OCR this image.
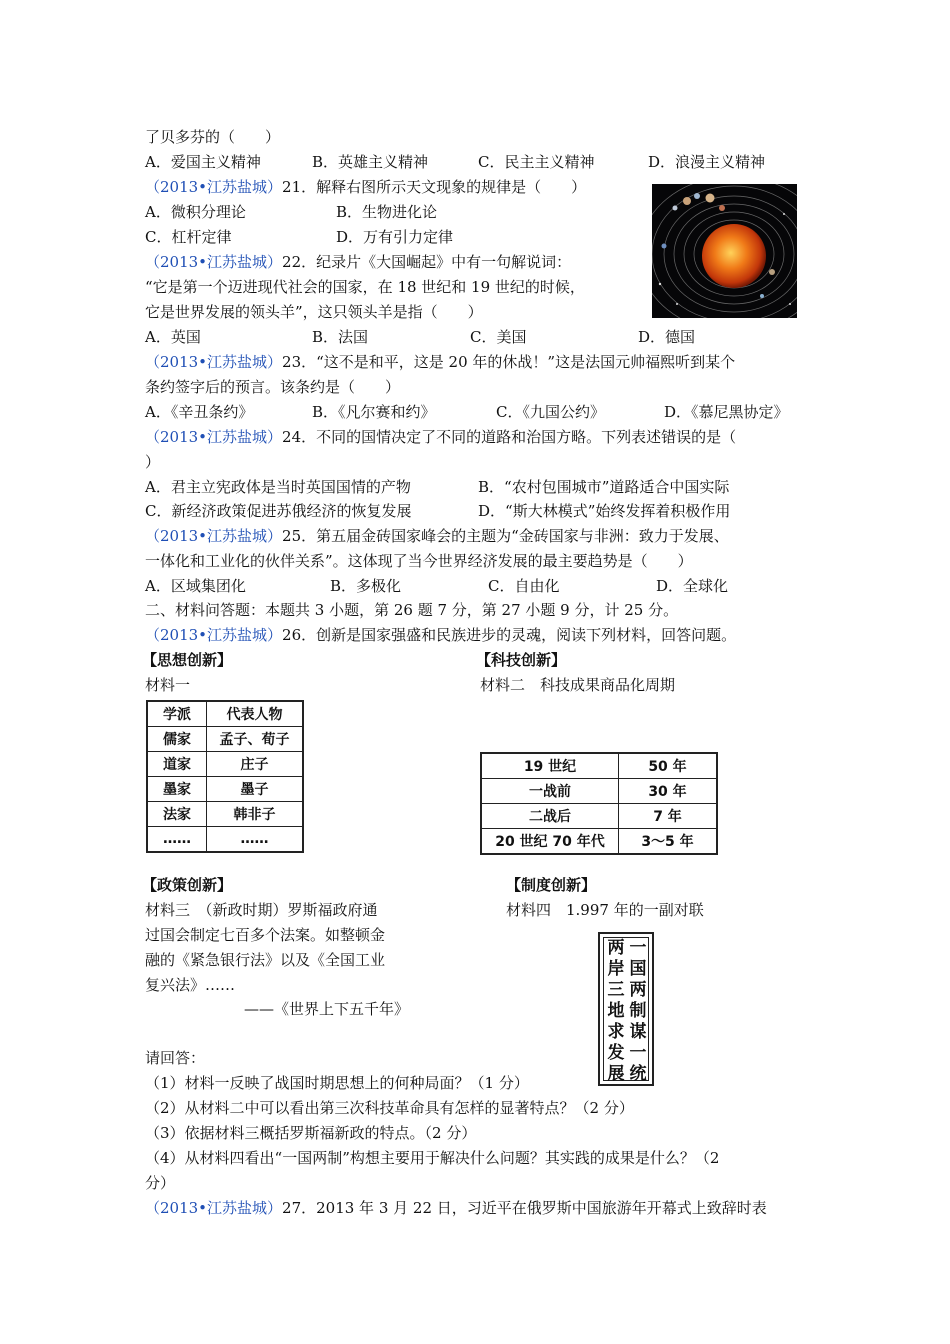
了贝多芬的（　　）
A．爱国主义精神	B．英雄主义精神	C．民主主义精神	D．浪漫主义精神
（2013•江苏盐城）21．解释右图所示天文现象的规律是（　　）
A．微积分理论	B．生物进化论
C．杠杆定律	D．万有引力定律
（2013•江苏盐城）22．纪录片《大国崛起》中有一句解说词：
“它是第一个迈进现代社会的国家，在 18 世纪和 19 世纪的时候，
它是世界发展的领头羊”，这只领头羊是指（　　）
A．英国	B．法国	C．美国	D．德国
（2013•江苏盐城）23．“这不是和平，这是 20 年的休战！”这是法国元帅福熙听到某个
条约签字后的预言。该条约是（　　）
A．《辛丑条约》	B．《凡尔赛和约》	C．《九国公约》	D．《慕尼黑协定》
（2013•江苏盐城）24．不同的国情决定了不同的道路和治国方略。下列表述错误的是（
）
A．君主立宪政体是当时英国国情的产物	B．“农村包围城市”道路适合中国实际
C．新经济政策促进苏俄经济的恢复发展	D．“斯大林模式”始终发挥着积极作用
（2013•江苏盐城）25．第五届金砖国家峰会的主题为“金砖国家与非洲：致力于发展、
一体化和工业化的伙伴关系”。这体现了当今世界经济发展的最主要趋势是（　　）
A．区域集团化	B．多极化	C．自由化	D．全球化
二、材料问答题：本题共 3 小题，第 26 题 7 分，第 27 小题 9 分，计 25 分。
（2013•江苏盐城）26．创新是国家强盛和民族进步的灵魂，阅读下列材料，回答问题。
【思想创新】
材料一
学派	代表人物
儒家	孟子、荀子
道家	庄子
墨家	墨子
法家	韩非子
……	……
【科技创新】
材料二　科技成果商品化周期
19 世纪	50 年
一战前	30 年
二战后	7 年
20 世纪 70 年代	3～5 年
【政策创新】
材料三　（新政时期）罗斯福政府通
过国会制定七百多个法案。如整顿金
融的《紧急银行法》以及《全国工业
复兴法》……
——《世界上下五千年》
【制度创新】
材料四　1.997 年的一副对联
一
国
两
制
谋
一
统
两
岸
三
地
求
发
展
请回答：
（1）材料一反映了战国时期思想上的何种局面？（1 分）
（2）从材料二中可以看出第三次科技革命具有怎样的显著特点？（2 分）
（3）依据材料三概括罗斯福新政的特点。（2 分）
（4）从材料四看出“一国两制”构想主要用于解决什么问题？其实践的成果是什么？（2
分）
（2013•江苏盐城）27．2013 年 3 月 22 日，习近平在俄罗斯中国旅游年开幕式上致辞时表
